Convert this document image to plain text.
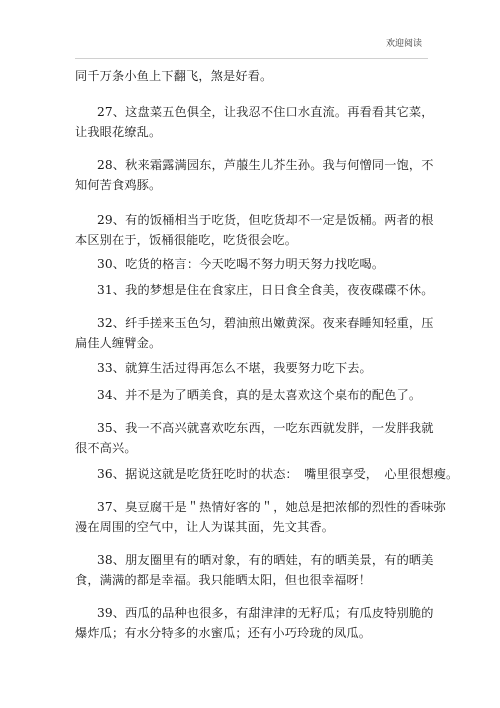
欢迎阅读
同千万条小鱼上下翻飞，煞是好看。
27、这盘菜五色俱全，让我忍不住口水直流。再看看其它菜，
让我眼花缭乱。
28、秋来霜露满园东，芦菔生儿芥生孙。我与何憎同一饱，不
知何苦食鸡豚。
29、有的饭桶相当于吃货，但吃货却不一定是饭桶。两者的根
本区别在于，饭桶很能吃，吃货很会吃。
30、吃货的格言：今天吃喝不努力明天努力找吃喝。
31、我的梦想是住在食家庄，日日食全食美，夜夜碟碟不休。
32、纤手搓来玉色匀，碧油煎出嫩黄深。夜来春睡知轻重，压
扁佳人缠臂金。
33、就算生活过得再怎么不堪，我要努力吃下去。
34、并不是为了晒美食，真的是太喜欢这个桌布的配色了。
35、我一不高兴就喜欢吃东西，一吃东西就发胖，一发胖我就
很不高兴。
36、据说这就是吃货狂吃时的状态：　嘴里很享受，　心里很想瘦。
37、臭豆腐干是＂热情好客的＂，她总是把浓郁的烈性的香味弥
漫在周围的空气中，让人为谋其面，先文其香。
38、朋友圈里有的晒对象，有的晒娃，有的晒美景，有的晒美
食，满满的都是幸福。我只能晒太阳，但也很幸福呀！
39、西瓜的品种也很多，有甜津津的无籽瓜；有瓜皮特别脆的
爆炸瓜；有水分特多的水蜜瓜；还有小巧玲珑的凤瓜。
